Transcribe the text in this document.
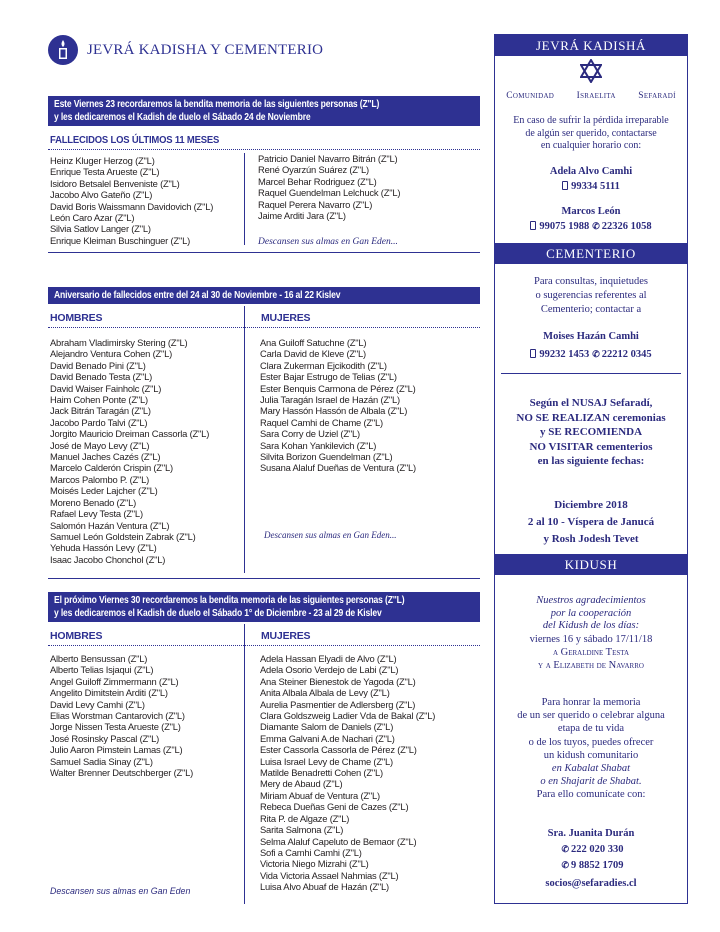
JEVRÁ KADISHA Y CEMENTERIO
Este Viernes 23 recordaremos la bendita memoria de las siguientes personas (Z"L)
y les dedicaremos el Kadish de duelo el Sábado 24 de Noviembre
FALLECIDOS LOS ÚLTIMOS 11 MESES
Heinz Kluger Herzog (Z"L)
Enrique Testa Arueste (Z"L)
Isidoro Betsalel Benveniste (Z"L)
Jacobo Alvo Gateño (Z"L)
David Boris Waissmann Davidovich (Z"L)
León Caro Azar (Z"L)
Silvia Satlov Langer (Z"L)
Enrique Kleiman Buschinguer (Z"L)
Patricio Daniel Navarro Bitrán (Z"L)
René Oyarzún Suárez (Z"L)
Marcel Behar Rodriguez (Z"L)
Raquel Guendelman Lelchuck (Z"L)
Raquel Perera Navarro (Z"L)
Jaime Arditi Jara (Z"L)
Descansen sus almas en Gan Eden...
Aniversario de fallecidos entre del 24 al 30 de Noviembre - 16 al 22 Kislev
HOMBRES	MUJERES
Abraham Vladimirsky Stering (Z"L)
Alejandro Ventura Cohen (Z"L)
David Benado Pini (Z"L)
David Benado Testa (Z"L)
David Waiser Fainholc (Z"L)
Haim Cohen Ponte (Z"L)
Jack Bitrán Taragán (Z"L)
Jacobo Pardo Talvi (Z"L)
Jorgito Mauricio Dreiman Cassorla (Z"L)
José de Mayo Levy (Z"L)
Manuel Jaches Cazés (Z"L)
Marcelo Calderón Crispin (Z"L)
Marcos Palombo P. (Z"L)
Moisés Leder Lajcher (Z"L)
Moreno Benado (Z"L)
Rafael Levy Testa (Z"L)
Salomón Hazán Ventura (Z"L)
Samuel León Goldstein Zabrak (Z"L)
Yehuda Hassón Levy (Z"L)
Isaac Jacobo Chonchol (Z"L)
Ana Guiloff Satuchne (Z"L)
Carla David de Kleve (Z"L)
Clara Zukerman Ejcikodith (Z"L)
Ester Bajar Estrugo de Telias (Z"L)
Ester Benquis Carmona de Pérez (Z"L)
Julia Taragán Israel de Hazán (Z"L)
Mary Hassón Hassón de Albala (Z"L)
Raquel Camhi de Chame (Z"L)
Sara Corry de Uziel (Z"L)
Sara Kohan Yankilevich (Z"L)
Silvita Borizon Guendelman (Z"L)
Susana Alaluf Dueñas de Ventura (Z"L)
Descansen sus almas en Gan Eden...
El próximo Viernes 30 recordaremos la bendita memoria de las siguientes personas (Z"L)
y les dedicaremos el Kadish de duelo el Sábado 1° de Diciembre - 23 al 29 de Kislev
HOMBRES	MUJERES
Alberto Bensussan (Z"L)
Alberto Telias Isjaqui (Z"L)
Angel Guiloff Zimmermann (Z"L)
Angelito Dimitstein Arditi (Z"L)
David Levy Camhi (Z"L)
Elias Worstman Cantarovich (Z"L)
Jorge Nissen Testa Arueste (Z"L)
José Rosinsky Pascal (Z"L)
Julio Aaron Pimstein Lamas (Z"L)
Samuel Sadia Sinay (Z"L)
Walter Brenner Deutschberger (Z"L)
Adela Hassan Elyadi de Alvo (Z"L)
Adela Osorio Verdejo de Labi (Z"L)
Ana Steiner Bienestok de Yagoda (Z"L)
Anita Albala Albala de Levy (Z"L)
Aurelia Pasmentier de Adlersberg (Z"L)
Clara Goldszweig Ladier Vda de Bakal (Z"L)
Diamante Salom de Daniels (Z"L)
Emma Galvani A.de Nachari (Z"L)
Ester Cassorla Cassorla de Pérez (Z"L)
Luisa Israel Levy de Chame (Z"L)
Matilde Benadretti Cohen (Z"L)
Mery de Abaud (Z"L)
Miriam Abuaf de Ventura (Z"L)
Rebeca Dueñas Geni de Cazes (Z"L)
Rita P. de Algaze (Z"L)
Sarita Salmona (Z"L)
Selma Alaluf Capeluto de Bemaor (Z"L)
Sofi a Camhi Camhi (Z"L)
Victoria Niego Mizrahi (Z"L)
Vida Victoria Assael Nahmias (Z"L)
Luisa Alvo Abuaf de Hazán (Z"L)
Descansen sus almas en Gan Eden
JEVRÁ KADISHÁ
Comunidad Israelita Sefaradí
En caso de sufrir la pérdida irreparable
de algún ser querido, contactarse
en cualquier horario con:
Adela Alvo Camhi
99334 5111
Marcos León
99075 1988 ✆ 22326 1058
CEMENTERIO
Para consultas, inquietudes
o sugerencias referentes al
Cementerio; contactar a
Moises Hazán Camhi
99232 1453 ✆ 22212 0345
Según el NUSAJ Sefaradí,
NO SE REALIZAN ceremonias
y SE RECOMIENDA
NO VISITAR cementerios
en las siguiente fechas:
Diciembre 2018
2 al 10 - Víspera de Janucá
y Rosh Jodesh Tevet
KIDUSH
Nuestros agradecimientos
por la cooperación
del Kidush de los días:
viernes 16 y sábado 17/11/18
a Geraldine Testa
y a Elizabeth de Navarro
Para honrar la memoria
de un ser querido o celebrar alguna
etapa de tu vida
o de los tuyos, puedes ofrecer
un kidush comunitario
en Kabalat Shabat
o en Shajarit de Shabat.
Para ello comunícate con:
Sra. Juanita Durán
✆ 222 020 330
✆ 9 8852 1709
socios@sefaradies.cl
